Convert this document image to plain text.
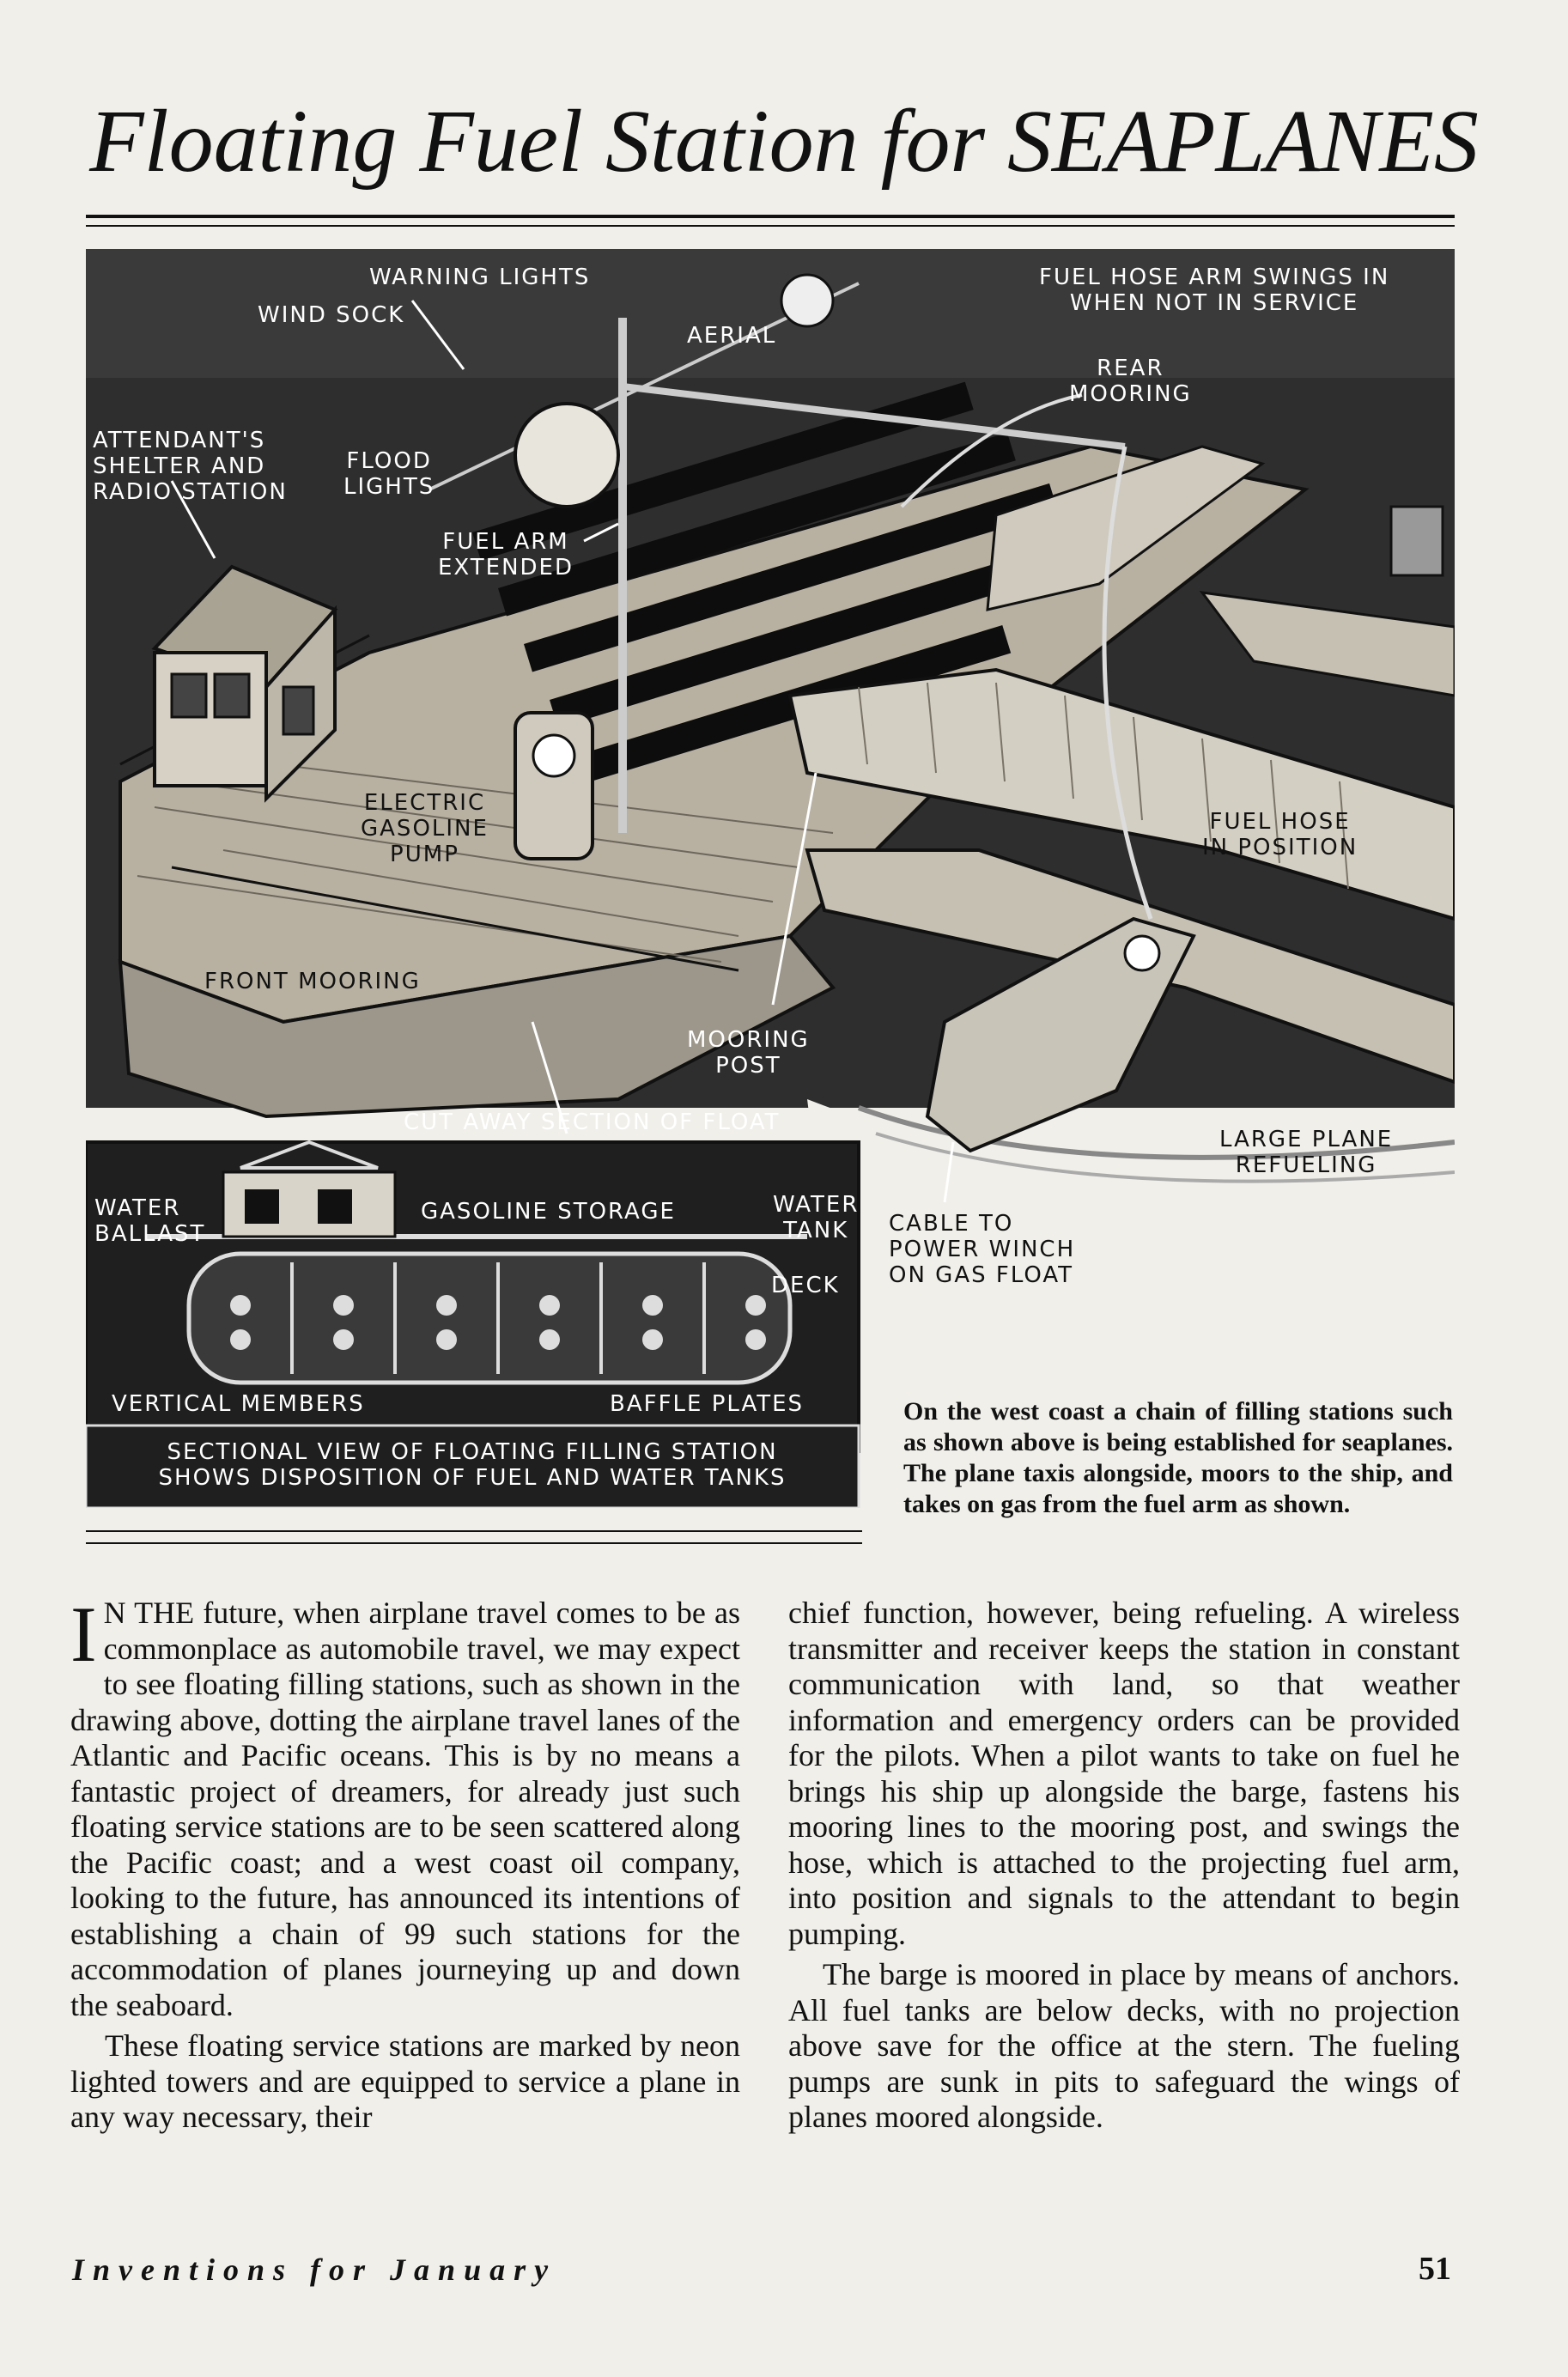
Floating Fuel Station for SEAPLANES
WARNING LIGHTS
WIND SOCK
AERIAL
FUEL HOSE ARM SWINGS IN
WHEN NOT IN SERVICE
REAR
MOORING
ATTENDANT'S
SHELTER AND
RADIO STATION
FLOOD
LIGHTS
FUEL ARM
EXTENDED
ELECTRIC
GASOLINE
PUMP
FUEL HOSE
IN POSITION
FRONT MOORING
MOORING
POST
CUT AWAY SECTION OF FLOAT
LARGE PLANE
REFUELING
CABLE TO
POWER WINCH
ON GAS FLOAT
WATER
BALLAST
GASOLINE STORAGE	WATER
TANK
DECK
VERTICAL MEMBERS	BAFFLE PLATES
SECTIONAL VIEW OF FLOATING FILLING STATION
SHOWS DISPOSITION OF FUEL AND WATER TANKS
On the west coast a chain of filling stations such as shown above is being established for seaplanes. The plane taxis alongside, moors to the ship, and takes on gas from the fuel arm as shown.

I N THE future, when airplane travel comes to be as commonplace as automobile travel, we may expect to see floating filling stations, such as shown in the drawing above, dotting the airplane travel lanes of the Atlantic and Pacific oceans. This is by no means a fantastic project of dreamers, for already just such floating service stations are to be seen scattered along the Pacific coast; and a west coast oil company, looking to the future, has announced its intentions of establishing a chain of 99 such stations for the accommodation of planes journeying up and down the seaboard.

These floating service stations are marked by neon lighted towers and are equipped to service a plane in any way necessary, their

chief function, however, being refueling. A wireless transmitter and receiver keeps the station in constant communication with land, so that weather information and emergency orders can be provided for the pilots. When a pilot wants to take on fuel he brings his ship up alongside the barge, fastens his mooring lines to the mooring post, and swings the hose, which is attached to the projecting fuel arm, into position and signals to the attendant to begin pumping.

The barge is moored in place by means of anchors. All fuel tanks are below decks, with no projection above save for the office at the stern. The fueling pumps are sunk in pits to safeguard the wings of planes moored alongside.

Inventions for January	51
